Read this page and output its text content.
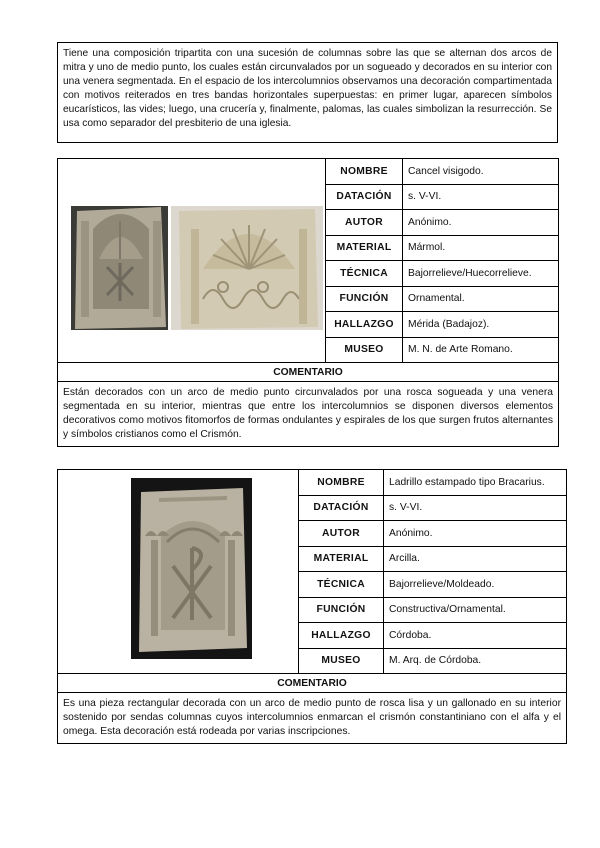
Tiene una composición tripartita con una sucesión de columnas sobre las que se alternan dos arcos de mitra y uno de medio punto, los cuales están circunvalados por un sogueado y decorados en su interior con una venera segmentada. En el espacio de los intercolumnios observamos una decoración compartimentada con motivos reiterados en tres bandas horizontales superpuestas: en primer lugar, aparecen símbolos eucarísticos, las vides; luego, una crucería y, finalmente, palomas, las cuales simbolizan la resurrección. Se usa como separador del presbiterio de una iglesia.
	NOMBRE	Cancel visigodo.
	DATACIÓN	s. V-VI.
	AUTOR	Anónimo.
	MATERIAL	Mármol.
	TÉCNICA	Bajorrelieve/Huecorrelieve.
	FUNCIÓN	Ornamental.
	HALLAZGO	Mérida (Badajoz).
	MUSEO	M. N. de Arte Romano.
COMENTARIO		
Están decorados con un arco de medio punto circunvalados por una rosca sogueada y una venera segmentada en su interior, mientras que entre los intercolumnios se disponen diversos elementos decorativos como motivos fitomorfos de formas ondulantes y espirales de los que surgen frutos alternantes y símbolos cristianos como el Crismón.		
	NOMBRE	Ladrillo estampado tipo Bracarius.
	DATACIÓN	s. V-VI.
	AUTOR	Anónimo.
	MATERIAL	Arcilla.
	TÉCNICA	Bajorrelieve/Moldeado.
	FUNCIÓN	Constructiva/Ornamental.
	HALLAZGO	Córdoba.
	MUSEO	M. Arq. de Córdoba.
COMENTARIO		
Es una pieza rectangular decorada con un arco de medio punto de rosca lisa y un gallonado en su interior sostenido por sendas columnas cuyos intercolumnios enmarcan el crismón constantiniano con el alfa y el omega. Esta decoración está rodeada por varias inscripciones.		
